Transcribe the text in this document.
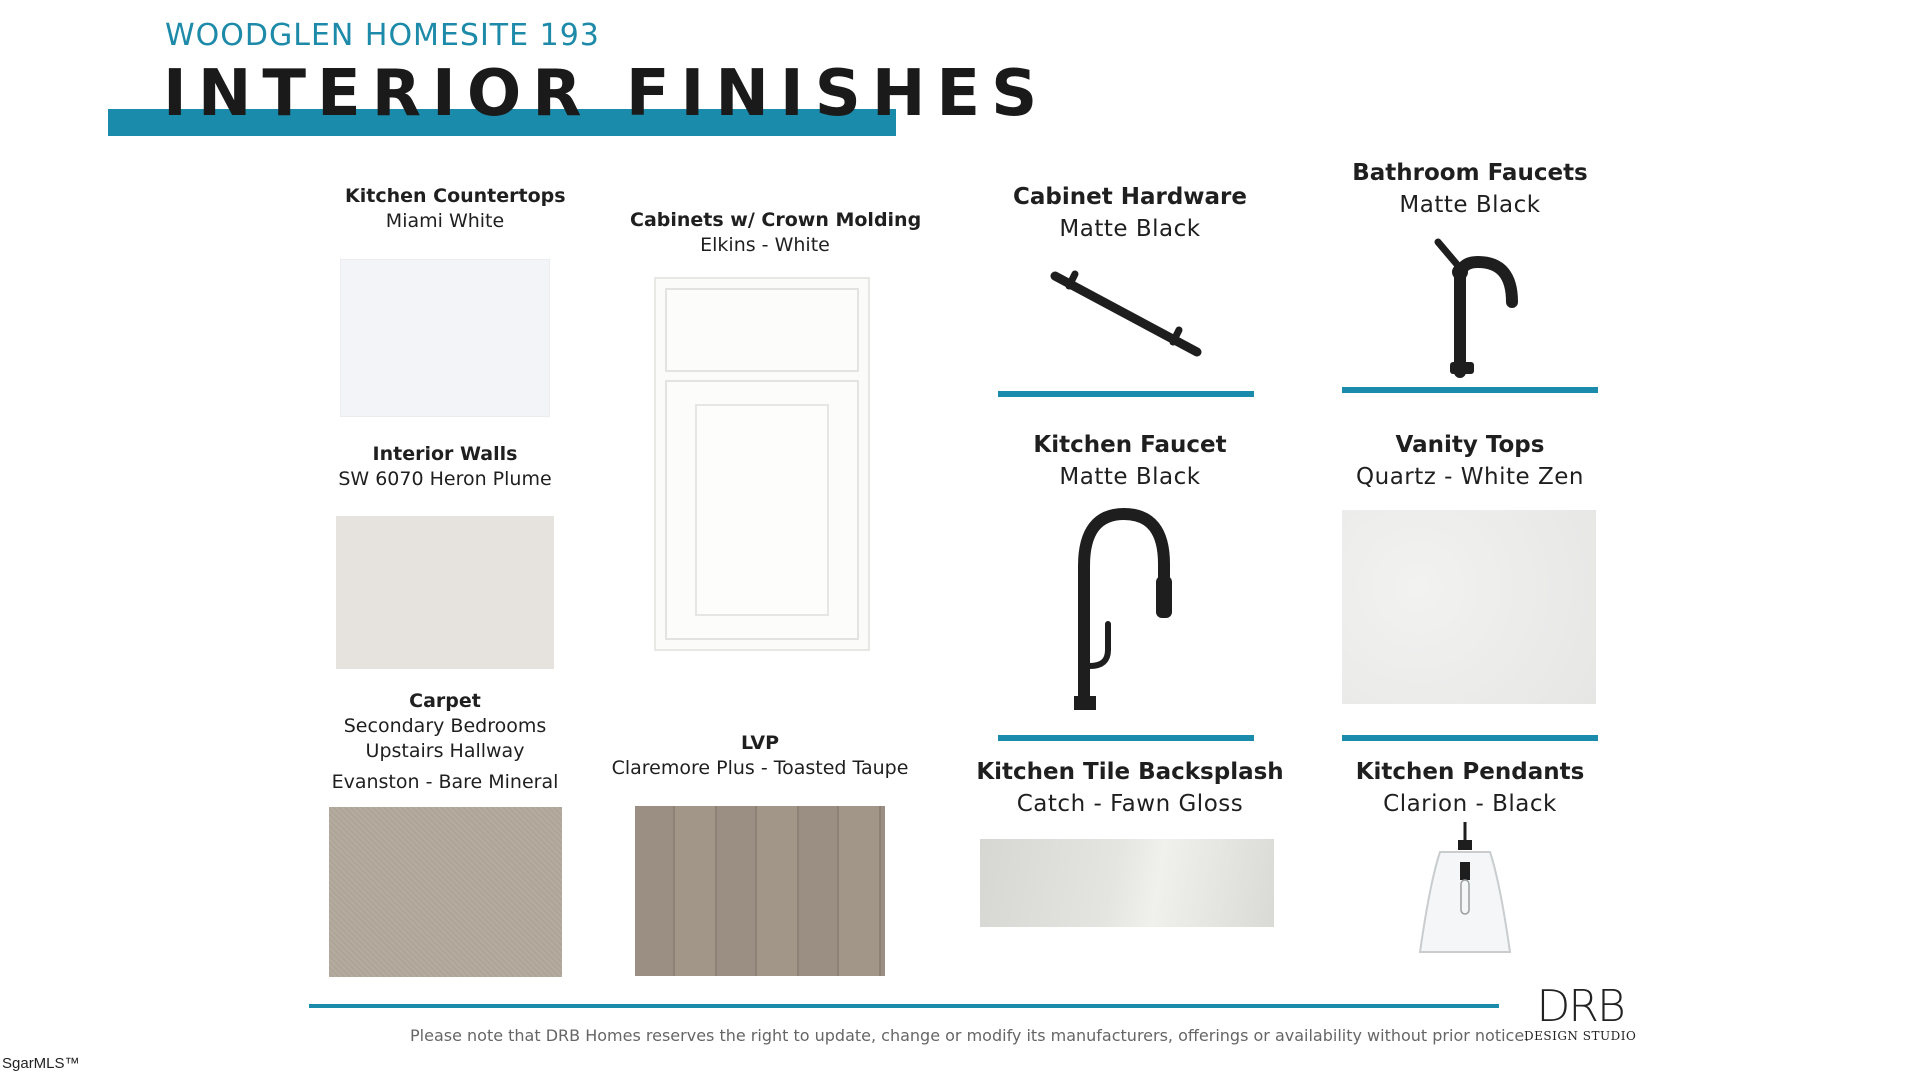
WOODGLEN HOMESITE 193
INTERIOR FINISHES
Kitchen Countertops
Miami White	Cabinets w/ Crown Molding
Elkins - White
Interior Walls
SW 6070 Heron Plume
Carpet
Secondary Bedrooms
Upstairs Hallway
Evanston - Bare Mineral
LVP
Claremore Plus - Toasted Taupe
Cabinet Hardware
Matte Black
Bathroom Faucets
Matte Black
Kitchen Faucet
Matte Black
Vanity Tops
Quartz - White Zen
Kitchen Tile Backsplash
Catch - Fawn Gloss
Kitchen Pendants
Clarion - Black
Please note that DRB Homes reserves the right to update, change or modify its manufacturers, offerings or availability without prior notice.
DRB
DESIGN STUDIO
SgarMLS™
